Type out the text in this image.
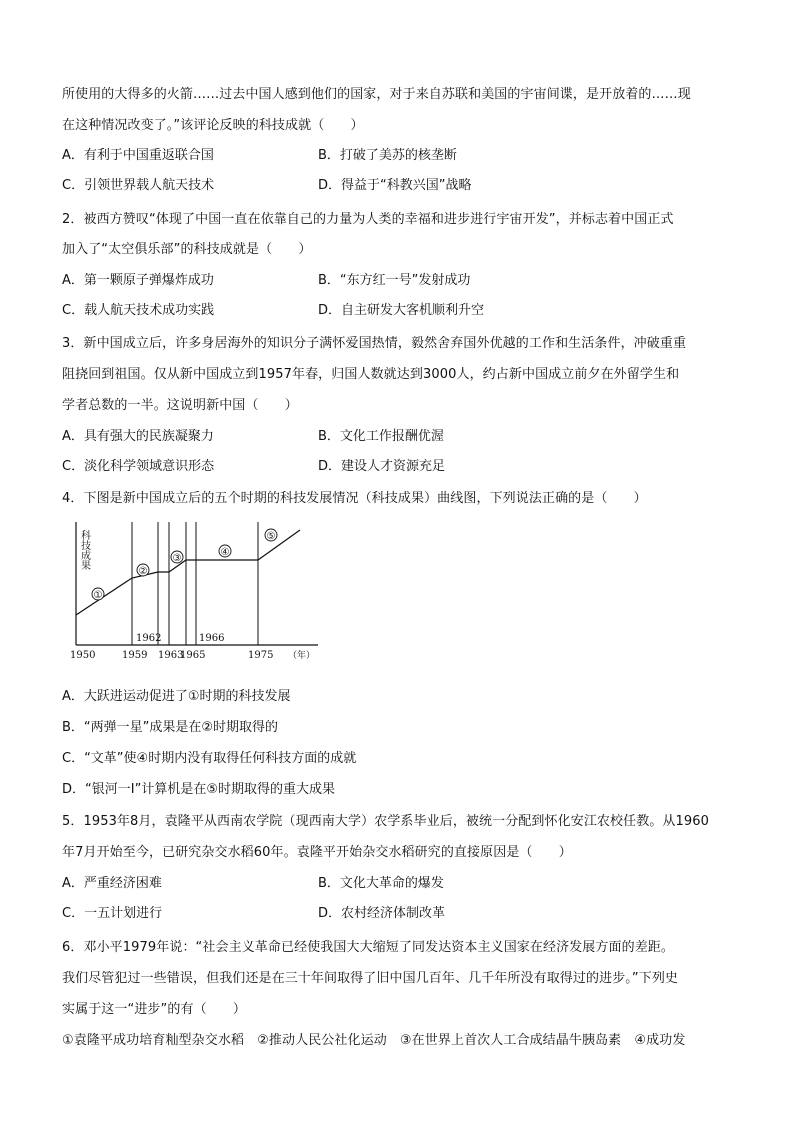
所使用的大得多的火箭……过去中国人感到他们的国家，对于来自苏联和美国的宇宙间谍，是开放着的……现
在这种情况改变了。”该评论反映的科技成就（　　）
A．有利于中国重返联合国	B．打破了美苏的核垄断
C．引领世界载人航天技术	D．得益于“科教兴国”战略
2．被西方赞叹“体现了中国一直在依靠自己的力量为人类的幸福和进步进行宇宙开发”，并标志着中国正式
加入了“太空俱乐部”的科技成就是（　　）
A．第一颗原子弹爆炸成功	B．“东方红一号”发射成功
C．载人航天技术成功实践	D．自主研发大客机顺利升空
3．新中国成立后，许多身居海外的知识分子满怀爱国热情，毅然舍弃国外优越的工作和生活条件，冲破重重
阻挠回到祖国。仅从新中国成立到1957年春，归国人数就达到3000人，约占新中国成立前夕在外留学生和
学者总数的一半。这说明新中国（　　）
A．具有强大的民族凝聚力	B．文化工作报酬优渥
C．淡化科学领域意识形态	D．建设人才资源充足
4．下图是新中国成立后的五个时期的科技发展情况（科技成果）曲线图，下列说法正确的是（　　）
①
②
③
④
⑤
科技成果
1962	1966
1950	1959 1963
1965	1975 （年）
A．大跃进运动促进了①时期的科技发展
B．“两弹一星”成果是在②时期取得的
C．“文革”使④时期内没有取得任何科技方面的成就
D．“银河一Ⅰ”计算机是在⑤时期取得的重大成果
5．1953年8月，袁隆平从西南农学院（现西南大学）农学系毕业后，被统一分配到怀化安江农校任教。从1960
年7月开始至今，已研究杂交水稻60年。袁隆平开始杂交水稻研究的直接原因是（　　）
A．严重经济困难	B．文化大革命的爆发
C．一五计划进行	D．农村经济体制改革
6．邓小平1979年说：“社会主义革命已经使我国大大缩短了同发达资本主义国家在经济发展方面的差距。
我们尽管犯过一些错误，但我们还是在三十年间取得了旧中国几百年、几千年所没有取得过的进步。”下列史
实属于这一“进步”的有（　　）
①袁隆平成功培育籼型杂交水稻　②推动人民公社化运动　③在世界上首次人工合成结晶牛胰岛素　④成功发
